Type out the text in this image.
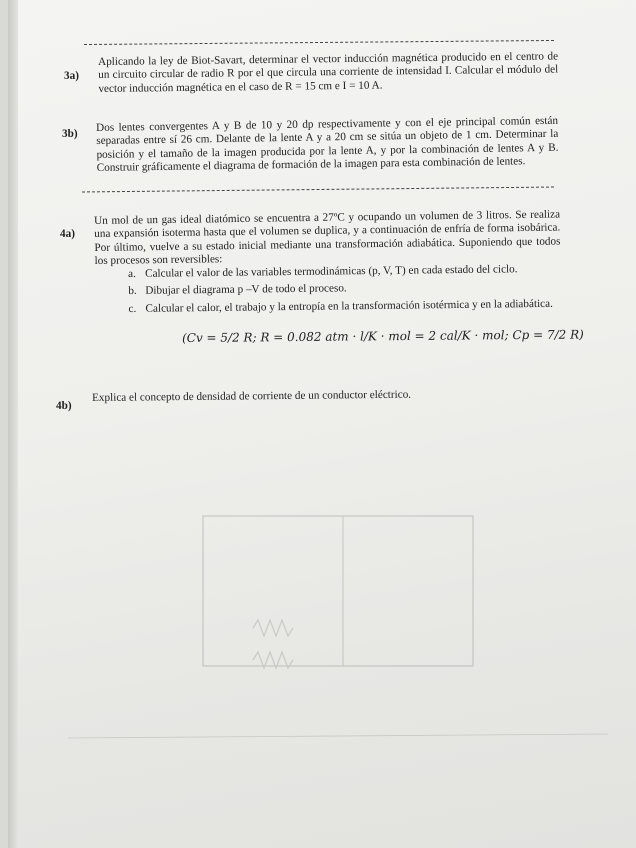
3a)
Aplicando la ley de Biot-Savart, determinar el vector inducción magnética producido en el centro de un circuito circular de radio R por el que circula una corriente de intensidad I. Calcular el módulo del vector inducción magnética en el caso de R = 15 cm e I = 10 A.
3b)
Dos lentes convergentes A y B de 10 y 20 dp respectivamente y con el eje principal común están separadas entre sí 26 cm. Delante de la lente A y a 20 cm se sitúa un objeto de 1 cm. Determinar la posición y el tamaño de la imagen producida por la lente A, y por la combinación de lentes A y B. Construir gráficamente el diagrama de formación de la imagen para esta combinación de lentes.
4a)
Un mol de un gas ideal diatómico se encuentra a 27ºC y ocupando un volumen de 3 litros. Se realiza una expansión isoterma hasta que el volumen se duplica, y a continuación de enfría de forma isobárica. Por último, vuelve a su estado inicial mediante una transformación adiabática. Suponiendo que todos los procesos son reversibles:
a. Calcular el valor de las variables termodinámicas (p, V, T) en cada estado del ciclo.
b. Dibujar el diagrama p –V de todo el proceso.
c. Calcular el calor, el trabajo y la entropía en la transformación isotérmica y en la adiabática.
(Cv = 5/2 R; R = 0.082 atm · l/K · mol = 2 cal/K · mol; Cp = 7/2 R)
4b)
Explica el concepto de densidad de corriente de un conductor eléctrico.
